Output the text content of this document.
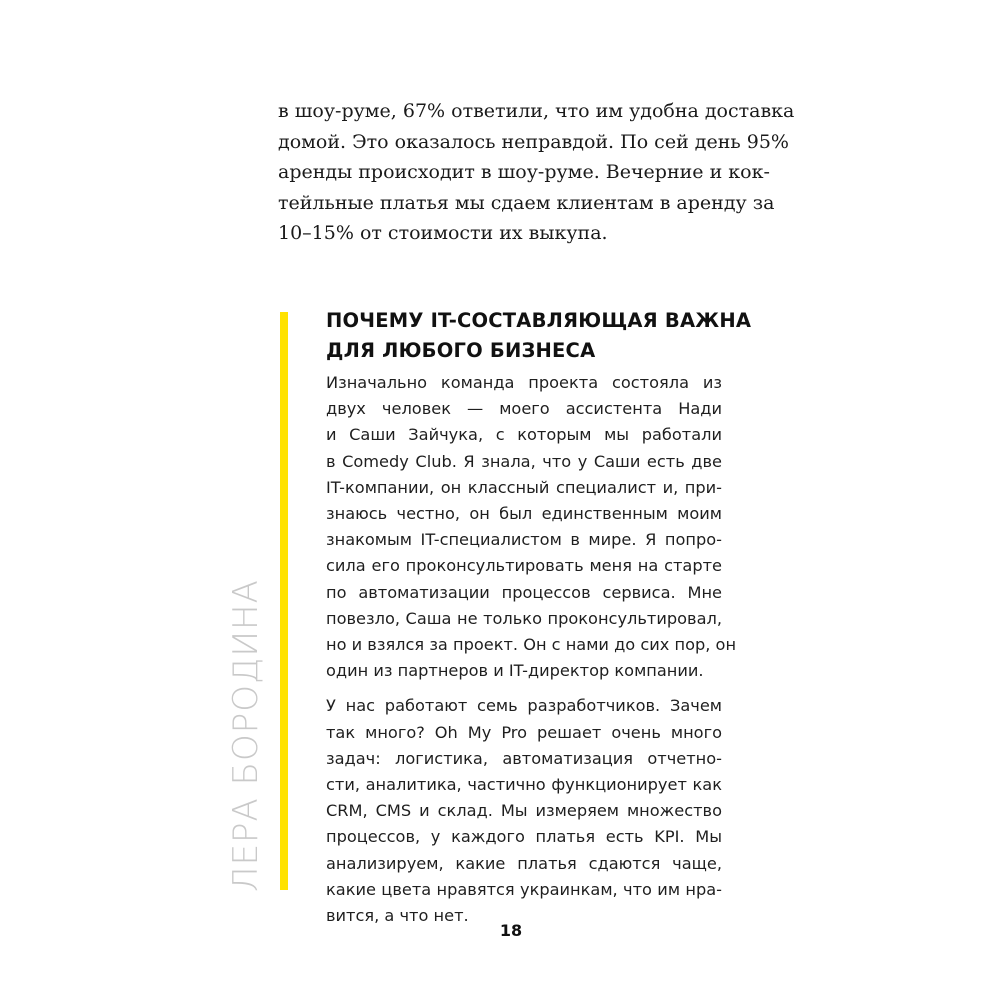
в шоу-руме, 67% ответили, что им удобна доставка
домой. Это оказалось неправдой. По сей день 95%
аренды происходит в шоу-руме. Вечерние и кок-
тейльные платья мы сдаем клиентам в аренду за
10–15% от стоимости их выкупа.
ЛЕРА БОРОДИНА
ПОЧЕМУ IT-СОСТАВЛЯЮЩАЯ ВАЖНА
ДЛЯ ЛЮБОГО БИЗНЕСА

Изначально команда проекта состояла из
двух человек — моего ассистента Нади
и Саши Зайчука, с которым мы работали
в Comedy Club. Я знала, что у Саши есть две
IT-компании, он классный специалист и, при-
знаюсь честно, он был единственным моим
знакомым IT-специалистом в мире. Я попро-
сила его проконсультировать меня на старте
по автоматизации процессов сервиса. Мне
повезло, Саша не только проконсультировал,
но и взялся за проект. Он с нами до сих пор, он
один из партнеров и IT-директор компании.

У нас работают семь разработчиков. Зачем
так много? Oh My Pro решает очень много
задач: логистика, автоматизация отчетно-
сти, аналитика, частично функционирует как
CRM, CMS и склад. Мы измеряем множество
процессов, у каждого платья есть KPI. Мы
анализируем, какие платья сдаются чаще,
какие цвета нравятся украинкам, что им нра-
вится, а что нет.

18
